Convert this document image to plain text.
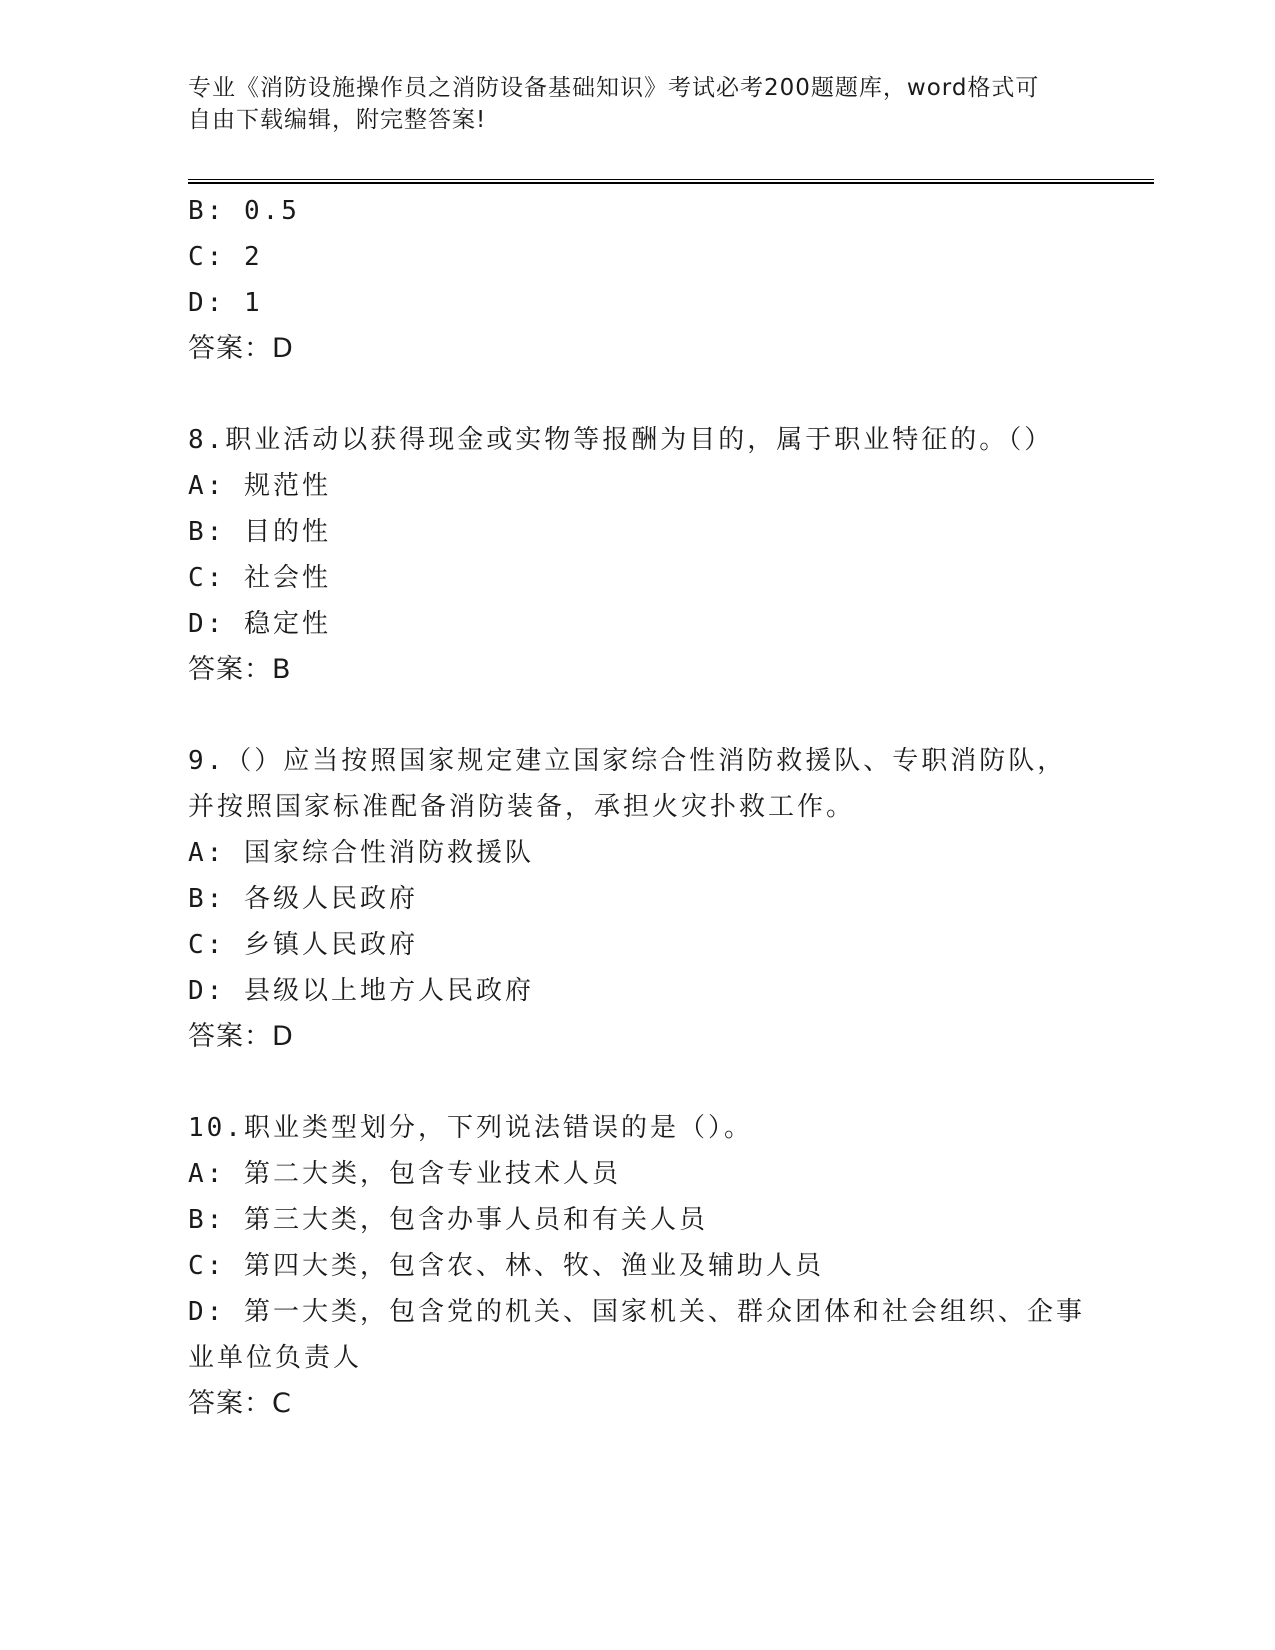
专业《消防设施操作员之消防设备基础知识》考试必考200题题库，word格式可
自由下载编辑，附完整答案!
B: 0.5
C: 2
D: 1
答案：D
8.职业活动以获得现金或实物等报酬为目的，属于职业特征的。（）
A: 规范性
B: 目的性
C: 社会性
D: 稳定性
答案：B
9.（）应当按照国家规定建立国家综合性消防救援队、专职消防队，
并按照国家标准配备消防装备，承担火灾扑救工作。
A: 国家综合性消防救援队
B: 各级人民政府
C: 乡镇人民政府
D: 县级以上地方人民政府
答案：D
10.职业类型划分，下列说法错误的是（）。
A: 第二大类，包含专业技术人员
B: 第三大类，包含办事人员和有关人员
C: 第四大类，包含农、林、牧、渔业及辅助人员
D: 第一大类，包含党的机关、国家机关、群众团体和社会组织、企事
业单位负责人
答案：C
